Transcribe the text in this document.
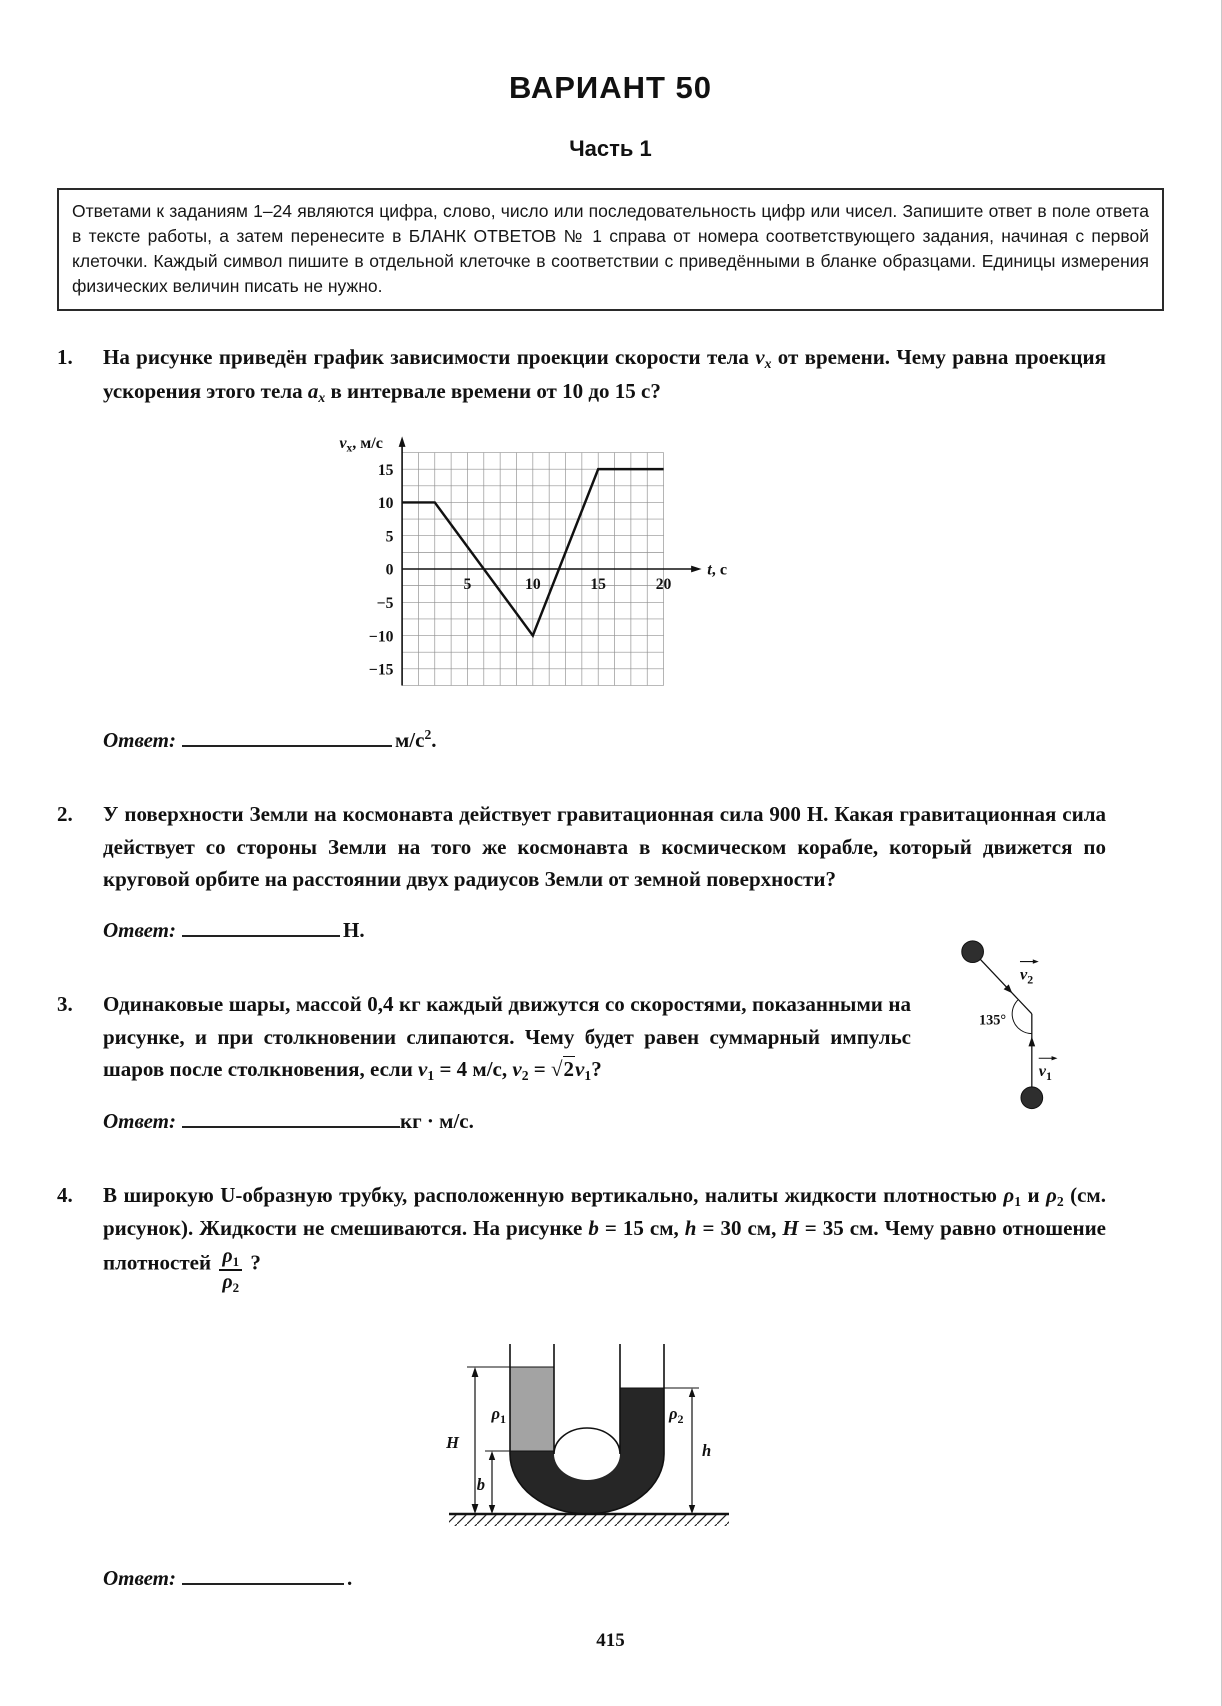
ВАРИАНТ 50
Часть 1
Ответами к заданиям 1–24 являются цифра, слово, число или последовательность цифр или чисел. Запишите ответ в поле ответа в тексте работы, а затем перенесите в БЛАНК ОТВЕТОВ № 1 справа от номера соответствующего задания, начиная с первой клеточки. Каждый символ пишите в отдельной клеточке в соответствии с приведёнными в бланке образцами. Единицы измерения физических величин писать не нужно.
1.	На рисунке приведён график зависимости проекции скорости тела $v_x$ от времени. Чему равна проекция ускорения этого тела $a_x$ в интервале времени от 10 до 15 с?
15
10
5
0
−5
−10
−15
5	10	15	20
$v_x$, м/с
t, с
Ответ:	$м/с^2$.
2.	У поверхности Земли на космонавта действует гравитационная сила 900 Н. Какая гравитационная сила действует со стороны Земли на того же космонавта в космическом корабле, который движется по круговой орбите на расстоянии двух радиусов Земли от земной поверхности?
Ответ:	Н.
$v_2$
$v_1$
135°
3.	Одинаковые шары, массой 0,4 кг каждый движутся со скоростями, показанными на рисунке, и при столкновении слипаются. Чему будет равен суммарный импульс шаров после столкновения, если $v_1 = 4$ м/с, $v_2 = √2v_1$?
Ответ:	кг · м/с.
4.	В широкую U-образную трубку, расположенную вертикально, налиты жидкости плотностью $\rho_1$ и $\rho_2$ (см. рисунок). Жидкости не смешиваются. На рисунке b = 15 см, h = 30 см, H = 35 см. Чему равно отношение плотностей $\frac{\rho_1}{\rho_2}$ ?
H
b
h
$\rho_1$	$\rho_2$
Ответ:	.
415
